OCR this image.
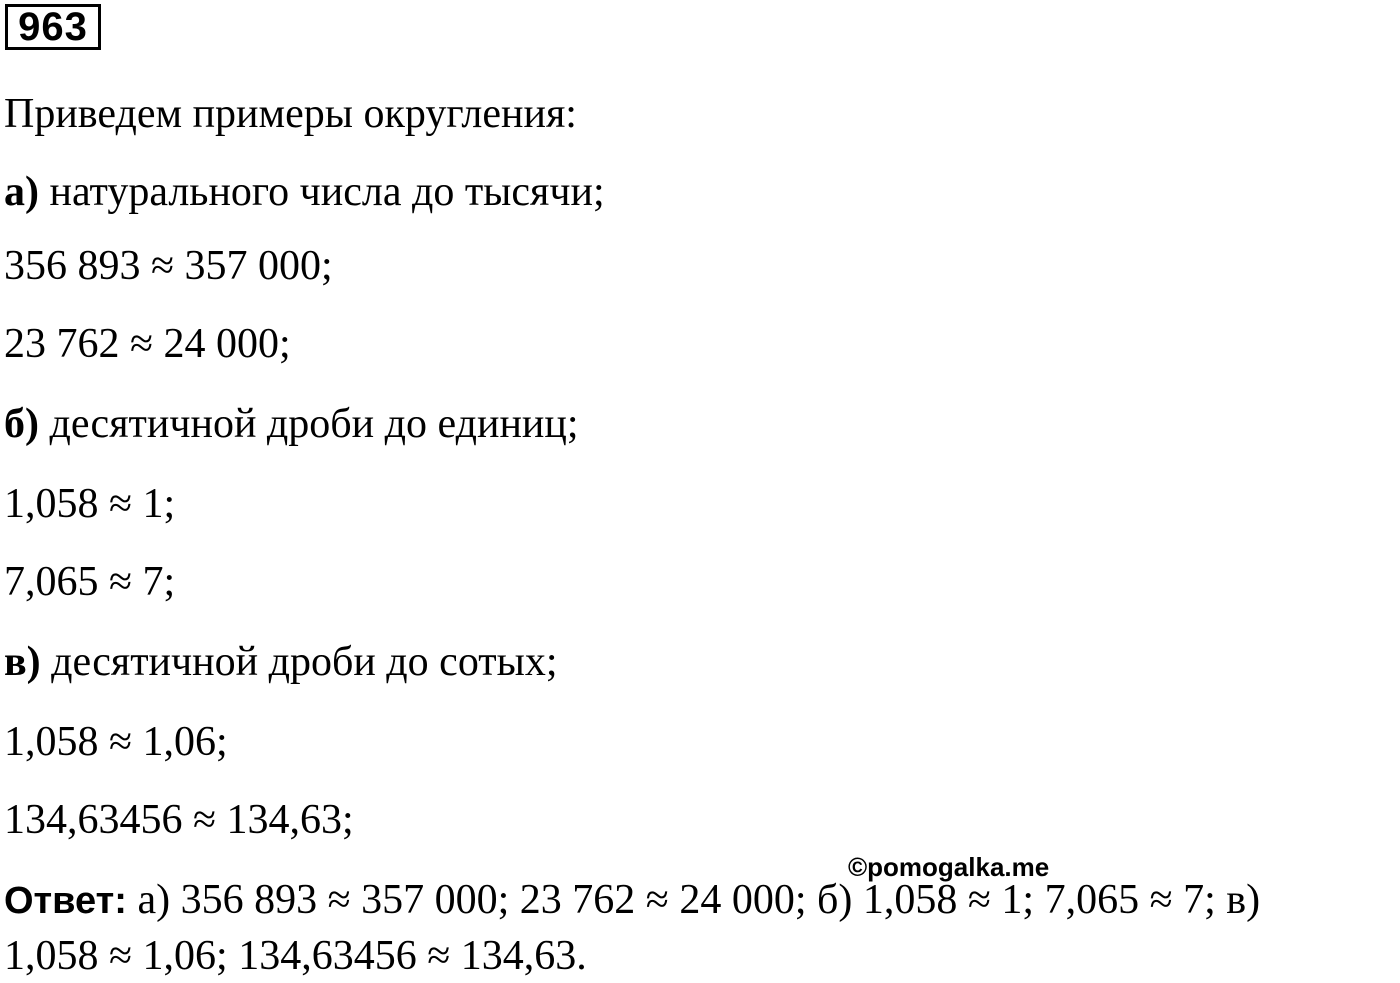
963
Приведем примеры округления:
а) натурального числа до тысячи;
356 893 ≈ 357 000;
23 762 ≈ 24 000;
б) десятичной дроби до единиц;
1,058 ≈ 1;
7,065 ≈ 7;
в) десятичной дроби до сотых;
1,058 ≈ 1,06;
134,63456 ≈ 134,63;
©pomogalka.me
Ответ: а) 356 893 ≈ 357 000; 23 762 ≈ 24 000; б) 1,058 ≈ 1; 7,065 ≈ 7; в)
1,058 ≈ 1,06; 134,63456 ≈ 134,63.
